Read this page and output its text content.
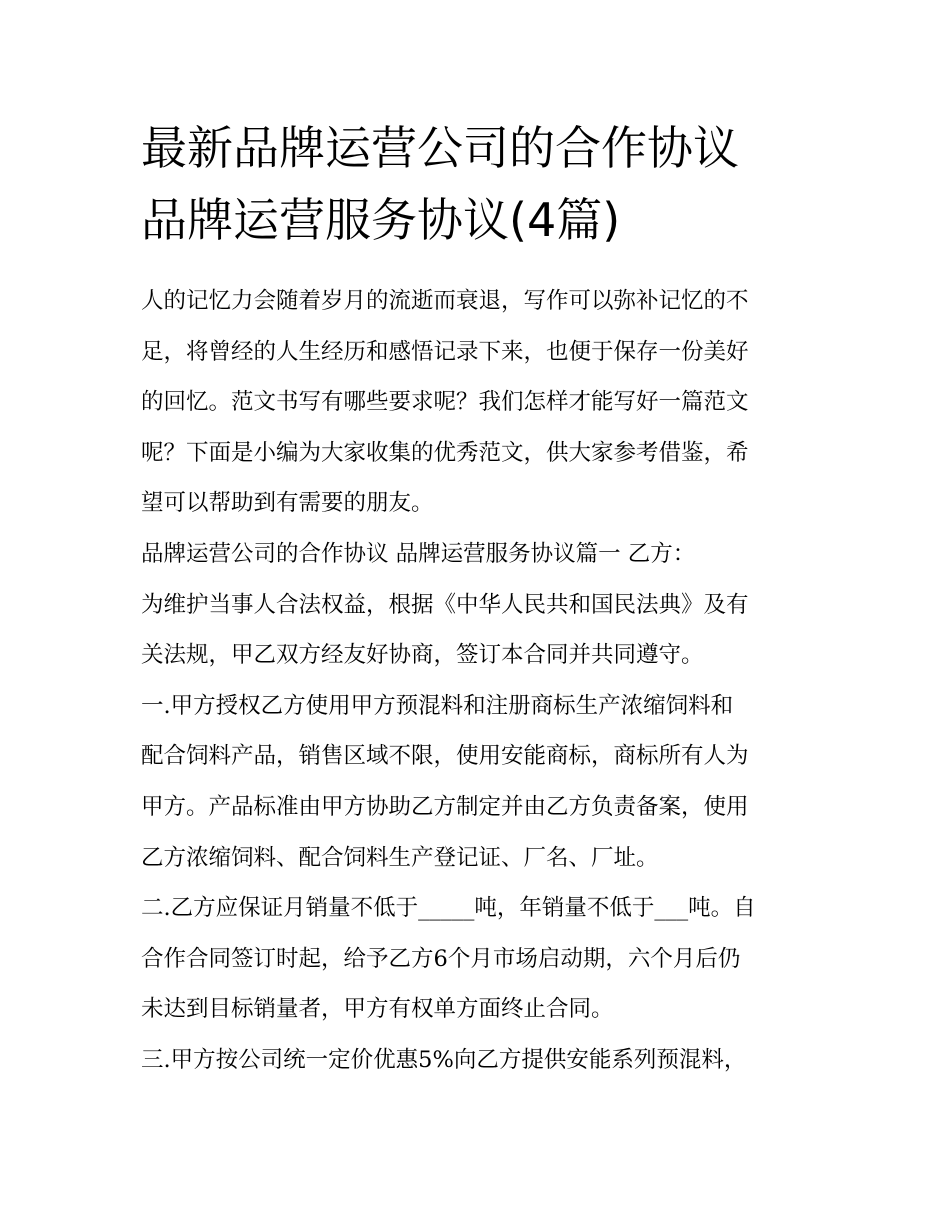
最新品牌运营公司的合作协议
品牌运营服务协议(4篇)
人的记忆力会随着岁月的流逝而衰退，写作可以弥补记忆的不
足，将曾经的人生经历和感悟记录下来，也便于保存一份美好
的回忆。范文书写有哪些要求呢？我们怎样才能写好一篇范文
呢？下面是小编为大家收集的优秀范文，供大家参考借鉴，希
望可以帮助到有需要的朋友。
品牌运营公司的合作协议 品牌运营服务协议篇一 乙方：
为维护当事人合法权益，根据《中华人民共和国民法典》及有
关法规，甲乙双方经友好协商，签订本合同并共同遵守。
一.甲方授权乙方使用甲方预混料和注册商标生产浓缩饲料和
配合饲料产品，销售区域不限，使用安能商标，商标所有人为
甲方。产品标准由甲方协助乙方制定并由乙方负责备案，使用
乙方浓缩饲料、配合饲料生产登记证、厂名、厂址。
二.乙方应保证月销量不低于_____吨，年销量不低于___吨。自
合作合同签订时起，给予乙方6个月市场启动期，六个月后仍
未达到目标销量者，甲方有权单方面终止合同。
三.甲方按公司统一定价优惠5%向乙方提供安能系列预混料，
